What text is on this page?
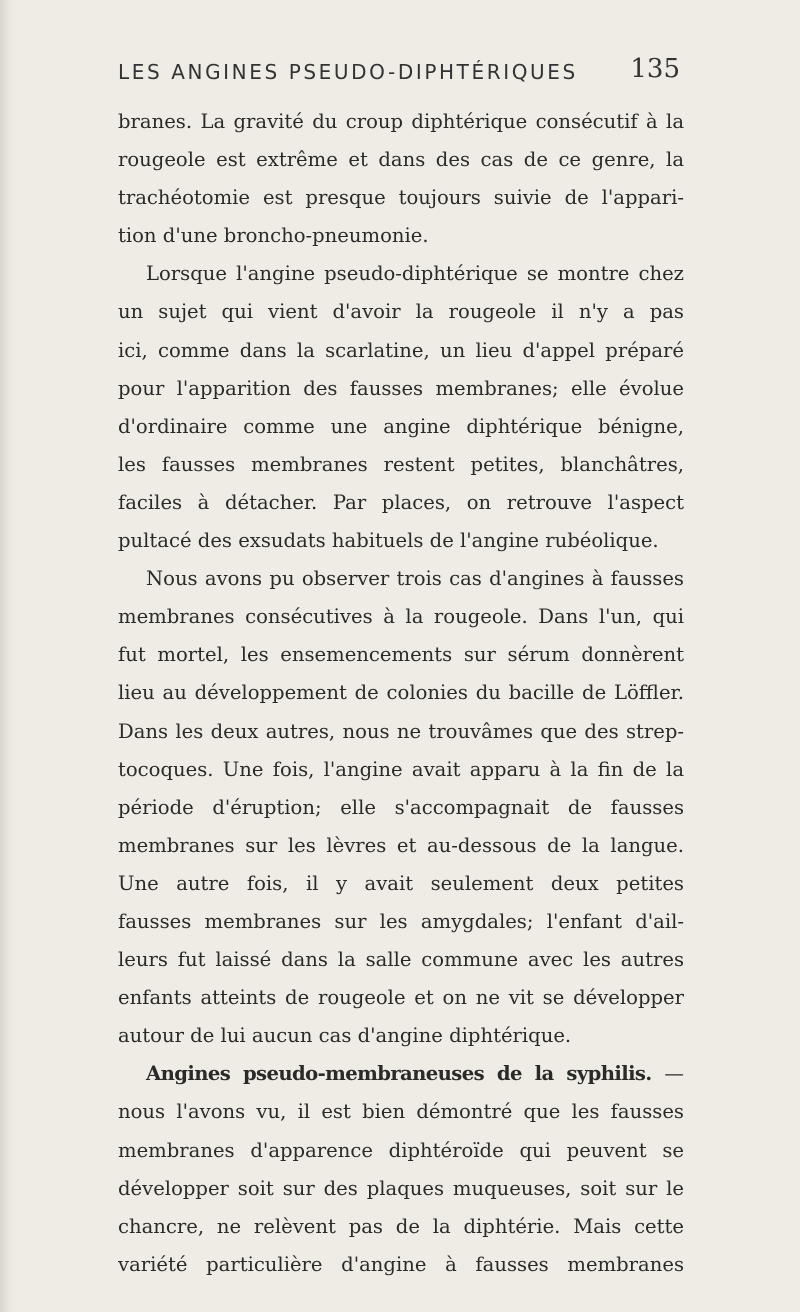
LES ANGINES PSEUDO-DIPHTÉRIQUES 135
branes. La gravité du croup diphtérique consécutif à la
rougeole est extrême et dans des cas de ce genre, la
trachéotomie est presque toujours suivie de l'appari-
tion d'une broncho-pneumonie.
Lorsque l'angine pseudo-diphtérique se montre chez
un sujet qui vient d'avoir la rougeole il n'y a pas
ici, comme dans la scarlatine, un lieu d'appel préparé
pour l'apparition des fausses membranes; elle évolue
d'ordinaire comme une angine diphtérique bénigne,
les fausses membranes restent petites, blanchâtres,
faciles à détacher. Par places, on retrouve l'aspect
pultacé des exsudats habituels de l'angine rubéolique.
Nous avons pu observer trois cas d'angines à fausses
membranes consécutives à la rougeole. Dans l'un, qui
fut mortel, les ensemencements sur sérum donnèrent
lieu au développement de colonies du bacille de Löffler.
Dans les deux autres, nous ne trouvâmes que des strep-
tocoques. Une fois, l'angine avait apparu à la fin de la
période d'éruption; elle s'accompagnait de fausses
membranes sur les lèvres et au-dessous de la langue.
Une autre fois, il y avait seulement deux petites
fausses membranes sur les amygdales; l'enfant d'ail-
leurs fut laissé dans la salle commune avec les autres
enfants atteints de rougeole et on ne vit se développer
autour de lui aucun cas d'angine diphtérique.
Angines pseudo-membraneuses de la syphilis. —
nous l'avons vu, il est bien démontré que les fausses
membranes d'apparence diphtéroïde qui peuvent se
développer soit sur des plaques muqueuses, soit sur le
chancre, ne relèvent pas de la diphtérie. Mais cette
variété particulière d'angine à fausses membranes
